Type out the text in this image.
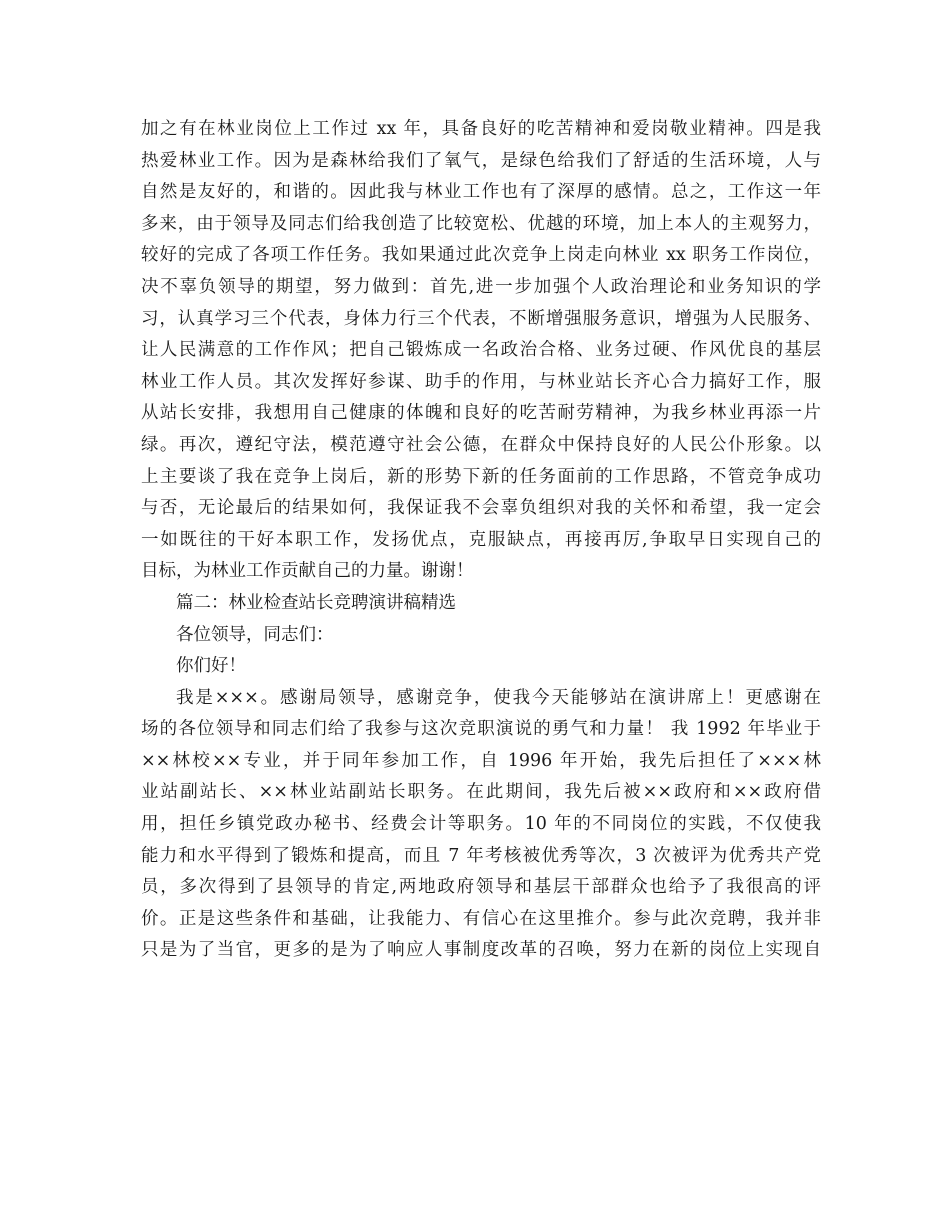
加之有在林业岗位上工作过 xx 年，具备良好的吃苦精神和爱岗敬业精神。四是我
热爱林业工作。因为是森林给我们了氧气，是绿色给我们了舒适的生活环境，人与
自然是友好的，和谐的。因此我与林业工作也有了深厚的感情。总之，工作这一年
多来，由于领导及同志们给我创造了比较宽松、优越的环境，加上本人的主观努力，
较好的完成了各项工作任务。我如果通过此次竞争上岗走向林业 xx 职务工作岗位，
决不辜负领导的期望，努力做到：首先,进一步加强个人政治理论和业务知识的学
习，认真学习三个代表，身体力行三个代表，不断增强服务意识，增强为人民服务、
让人民满意的工作作风；把自己锻炼成一名政治合格、业务过硬、作风优良的基层
林业工作人员。其次发挥好参谋、助手的作用，与林业站长齐心合力搞好工作，服
从站长安排，我想用自己健康的体魄和良好的吃苦耐劳精神，为我乡林业再添一片
绿。再次，遵纪守法，模范遵守社会公德，在群众中保持良好的人民公仆形象。以
上主要谈了我在竞争上岗后，新的形势下新的任务面前的工作思路，不管竞争成功
与否，无论最后的结果如何，我保证我不会辜负组织对我的关怀和希望，我一定会
一如既往的干好本职工作，发扬优点，克服缺点，再接再厉,争取早日实现自己的
目标，为林业工作贡献自己的力量。谢谢！
篇二：林业检查站长竞聘演讲稿精选
各位领导，同志们：
你们好！
我是×××。感谢局领导，感谢竞争，使我今天能够站在演讲席上！更感谢在
场的各位领导和同志们给了我参与这次竞职演说的勇气和力量！ 我 1992 年毕业于
××林校××专业，并于同年参加工作，自 1996 年开始，我先后担任了×××林
业站副站长、××林业站副站长职务。在此期间，我先后被××政府和××政府借
用，担任乡镇党政办秘书、经费会计等职务。10 年的不同岗位的实践，不仅使我
能力和水平得到了锻炼和提高，而且 7 年考核被优秀等次，3 次被评为优秀共产党
员，多次得到了县领导的肯定,两地政府领导和基层干部群众也给予了我很高的评
价。正是这些条件和基础，让我能力、有信心在这里推介。参与此次竞聘，我并非
只是为了当官，更多的是为了响应人事制度改革的召唤，努力在新的岗位上实现自
